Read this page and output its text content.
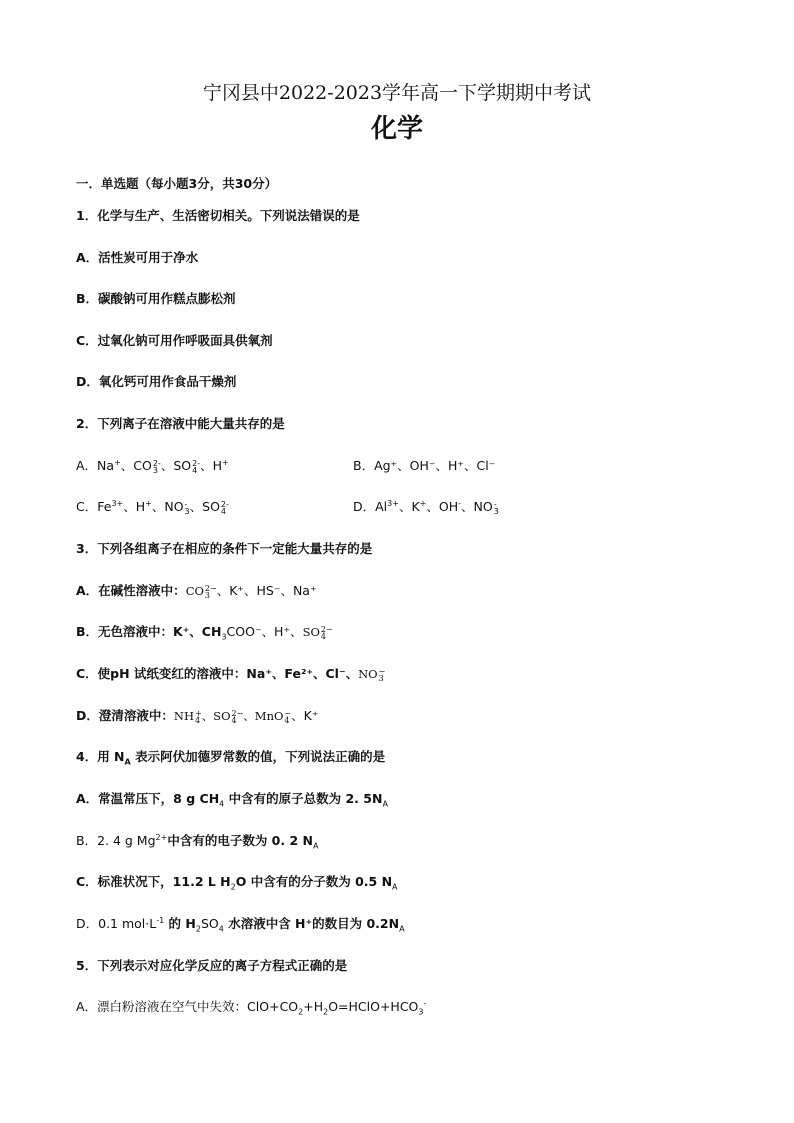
宁冈县中2022-2023学年高一下学期期中考试
化学
一．单选题（每小题3分，共30分）
1．化学与生产、生活密切相关。下列说法错误的是
A．活性炭可用于净水
B．碳酸钠可用作糕点膨松剂
C．过氧化钠可用作呼吸面具供氧剂
D．氧化钙可用作食品干燥剂
2．下列离子在溶液中能大量共存的是
A．Na+、CO 2-
3 、SO 2-
4 、H+	B．Ag⁺、OH⁻、H⁺、Cl⁻
C．$Fe^{3+}$、H+、NO -
3 、SO 2-
4	D．$Al^{3+}$、K+、OH-、NO -
3
3．下列各组离子在相应的条件下一定能大量共存的是
A．在碱性溶液中：CO 2−
3 、K⁺、HS⁻、Na⁺
B．无色溶液中：K⁺、$CH_3COO^-$、H⁺、SO 2−
4
C．使pH 试纸变红的溶液中：Na⁺、Fe²⁺、Cl⁻、NO −
3
D．澄清溶液中：NH +
4 、SO 2−
4 、MnO −
4 、K⁺
4．用 $N_A$ 表示阿伏加德罗常数的值，下列说法正确的是
A．常温常压下，8 g $CH_4$ 中含有的原子总数为 2. $5N_A$
B．2. 4 g $Mg^{2+}$中含有的电子数为 0. 2 $N_A$
C．标准状况下，11.2 L $H_2O$ 中含有的分子数为 0.5 $N_A$
D．0.1 $mol\cdot L^{-1}$ 的 $H_2SO_4$ 水溶液中含 H⁺的数目为 $0.2N_A$
5．下列表示对应化学反应的离子方程式正确的是
A．漂白粉溶液在空气中失效：$ClO+CO_2+H_2O=HClO+HCO_3^-$
